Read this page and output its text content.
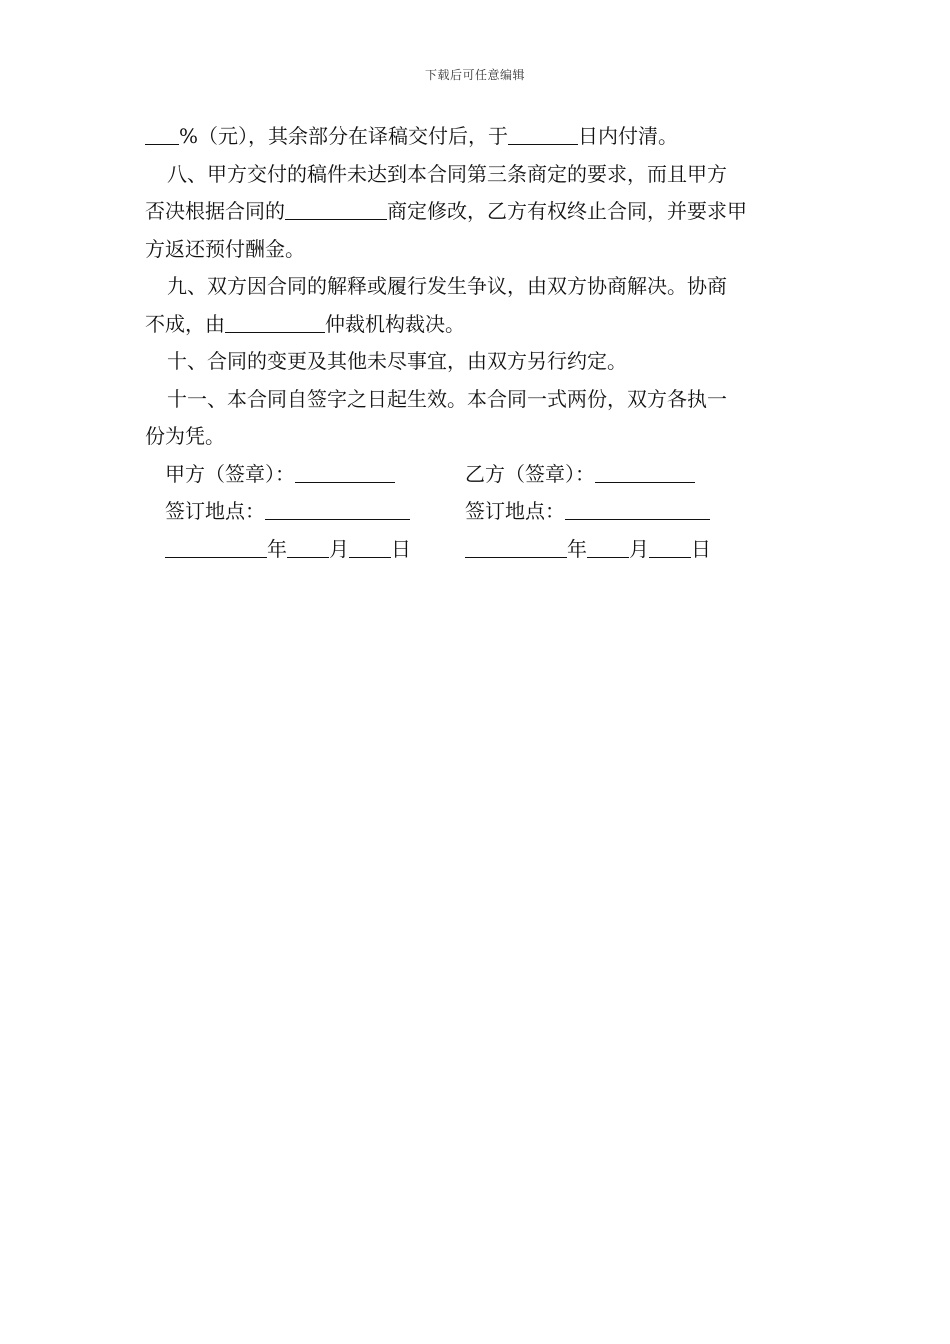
下载后可任意编辑

%（元），其余部分在译稿交付后，于	日内付清。

八、甲方交付的稿件未达到本合同第三条商定的要求，而且甲方

否决根据合同的	商定修改，乙方有权终止合同，并要求甲

方返还预付酬金。

九、双方因合同的解释或履行发生争议，由双方协商解决。协商

不成，由	仲裁机构裁决。

十、合同的变更及其他未尽事宜，由双方另行约定。

十一、本合同自签字之日起生效。本合同一式两份，双方各执一

份为凭。

甲方（签章）：	乙方（签章）：
签订地点：	签订地点：
年 月 日	年 月 日
